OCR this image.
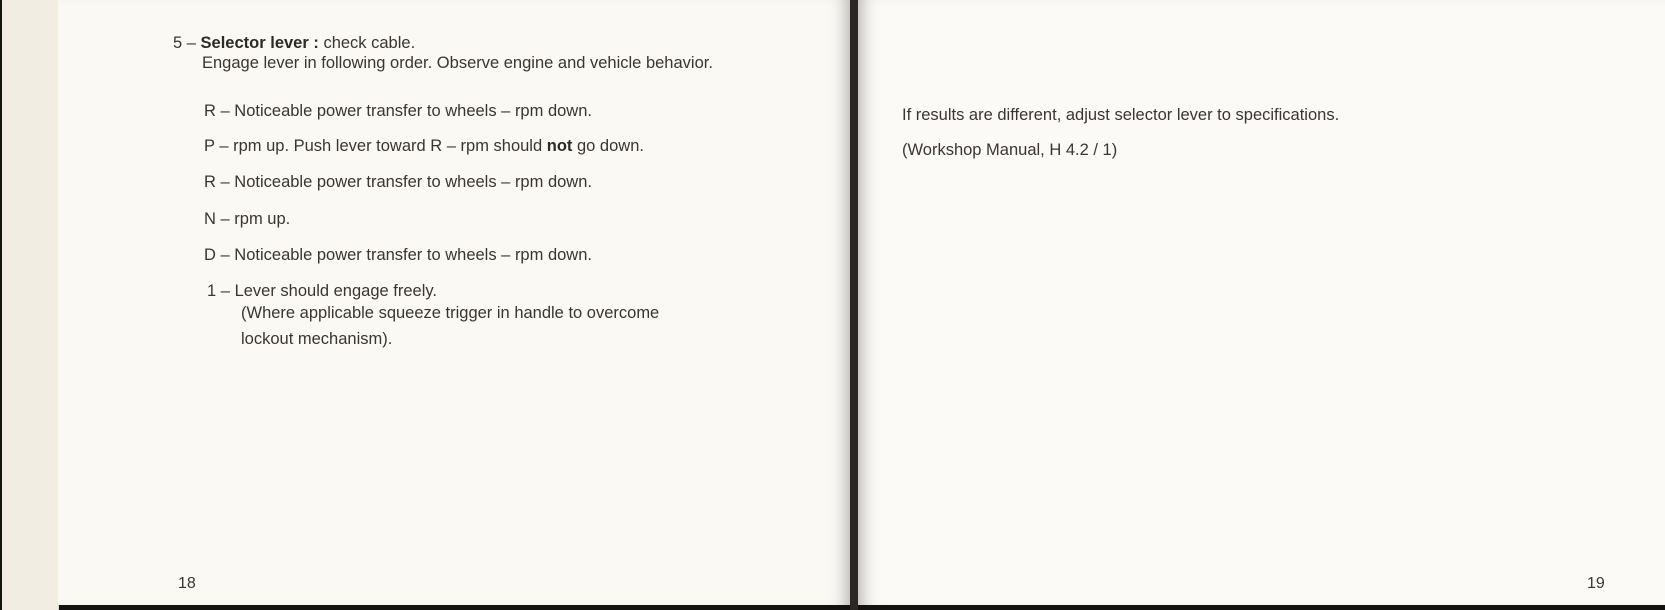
5 – Selector lever : check cable.
Engage lever in following order. Observe engine and vehicle behavior.
R – Noticeable power transfer to wheels – rpm down.
P – rpm up. Push lever toward R – rpm should not go down.
R – Noticeable power transfer to wheels – rpm down.
N – rpm up.
D – Noticeable power transfer to wheels – rpm down.
1 – Lever should engage freely.
(Where applicable squeeze trigger in handle to overcome
lockout mechanism).
18
If results are different, adjust selector lever to specifications.
(Workshop Manual, H 4.2 / 1)
19
